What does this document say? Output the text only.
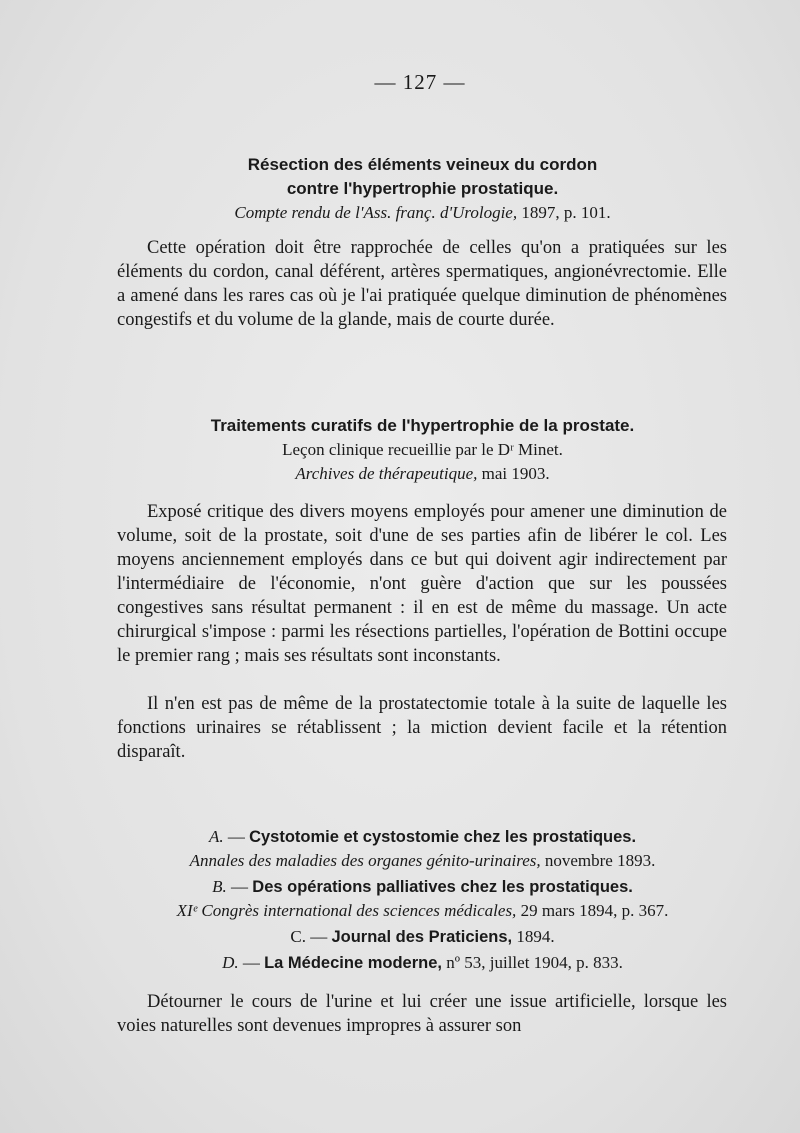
— 127 —
Résection des éléments veineux du cordon
contre l'hypertrophie prostatique.
Compte rendu de l'Ass. franç. d'Urologie, 1897, p. 101.
Cette opération doit être rapprochée de celles qu'on a pratiquées sur les éléments du cordon, canal déférent, artères spermatiques, angionévrectomie. Elle a amené dans les rares cas où je l'ai pratiquée quelque diminution de phénomènes congestifs et du volume de la glande, mais de courte durée.
Traitements curatifs de l'hypertrophie de la prostate.
Leçon clinique recueillie par le Dʳ Minet.
Archives de thérapeutique, mai 1903.
Exposé critique des divers moyens employés pour amener une diminution de volume, soit de la prostate, soit d'une de ses parties afin de libérer le col. Les moyens anciennement employés dans ce but qui doivent agir indirectement par l'intermédiaire de l'économie, n'ont guère d'action que sur les poussées congestives sans résultat permanent : il en est de même du massage. Un acte chirurgical s'impose : parmi les résections partielles, l'opération de Bottini occupe le premier rang ; mais ses résultats sont inconstants.
Il n'en est pas de même de la prostatectomie totale à la suite de laquelle les fonctions urinaires se rétablissent ; la miction devient facile et la rétention disparaît.
A. — Cystotomie et cystostomie chez les prostatiques.
Annales des maladies des organes génito-urinaires, novembre 1893.
B. — Des opérations palliatives chez les prostatiques.
XIᵉ Congrès international des sciences médicales, 29 mars 1894, p. 367.
C. — Journal des Praticiens, 1894.
D. — La Médecine moderne, nº 53, juillet 1904, p. 833.
Détourner le cours de l'urine et lui créer une issue artificielle, lorsque les voies naturelles sont devenues impropres à assurer son
